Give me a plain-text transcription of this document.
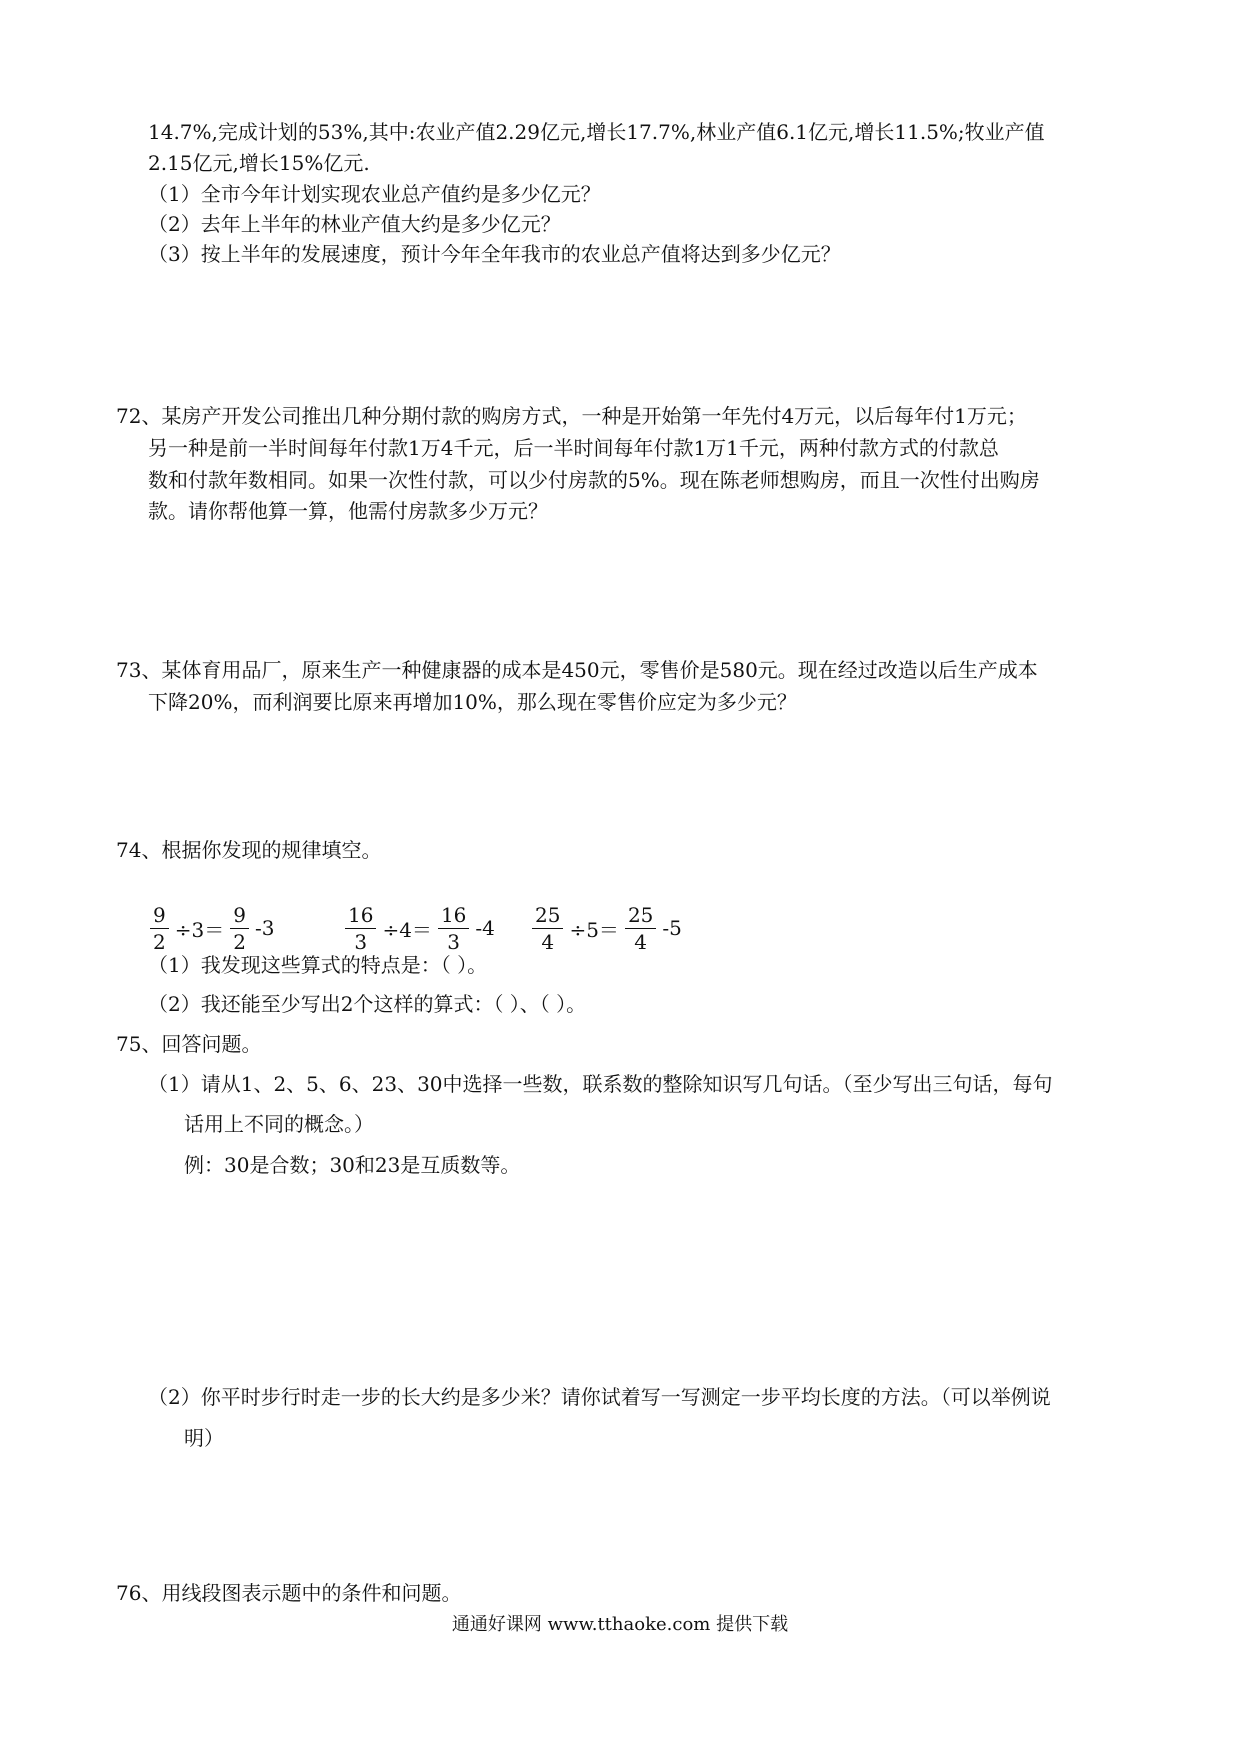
14.7%,完成计划的53%,其中:农业产值2.29亿元,增长17.7%,林业产值6.1亿元,增长11.5%;牧业产值
2.15亿元,增长15%亿元.
（1）全市今年计划实现农业总产值约是多少亿元？
（2）去年上半年的林业产值大约是多少亿元？
（3）按上半年的发展速度，预计今年全年我市的农业总产值将达到多少亿元？
72、某房产开发公司推出几种分期付款的购房方式，一种是开始第一年先付4万元，以后每年付1万元；
另一种是前一半时间每年付款1万4千元，后一半时间每年付款1万1千元，两种付款方式的付款总
数和付款年数相同。如果一次性付款，可以少付房款的5%。现在陈老师想购房，而且一次性付出购房
款。请你帮他算一算，他需付房款多少万元？
73、某体育用品厂，原来生产一种健康器的成本是450元，零售价是580元。现在经过改造以后生产成本
下降20%，而利润要比原来再增加10%，那么现在零售价应定为多少元？
74、根据你发现的规律填空。
$\frac{9}{2} \div 3= \frac{9}{2} -3$	$\frac{16}{3} \div 4= \frac{16}{3} -4 \frac{25}{4} \div 5= \frac{25}{4} -5$
（1）我发现这些算式的特点是：（ ）。
（2）我还能至少写出2个这样的算式：（ ）、（ ）。
75、回答问题。
（1）请从1、2、5、6、23、30中选择一些数，联系数的整除知识写几句话。（至少写出三句话，每句
话用上不同的概念。）
例：30是合数；30和23是互质数等。
（2）你平时步行时走一步的长大约是多少米？请你试着写一写测定一步平均长度的方法。（可以举例说
明）
76、用线段图表示题中的条件和问题。
通通好课网 www.tthaoke.com 提供下载
